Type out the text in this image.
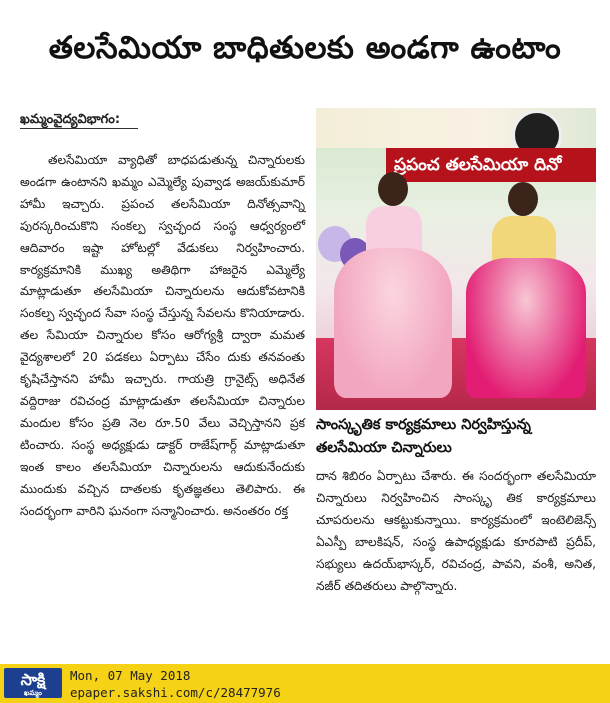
తలసేమియా బాధితులకు అండగా ఉంటాం
ఖమ్మంవైద్యవిభాగం:

తలసేమియా వ్యాధితో బాధపడుతున్న చిన్నారులకు అండగా ఉంటానని ఖమ్మం ఎమ్మెల్యే పువ్వాడ అజయ్‌కుమార్ హామీ ఇచ్చారు. ప్రపంచ తలసేమియా దినోత్సవాన్ని పురస్కరించుకొని సంకల్ప స్వచ్ఛంద సంస్థ ఆధ్వర్యంలో ఆదివారం ఇష్టా హోటల్లో వేడుకలు నిర్వహించారు. కార్యక్రమానికి ముఖ్య అతిథిగా హాజరైన ఎమ్మెల్యే మాట్లాడుతూ తలసేమియా చిన్నారులను ఆదుకోవటానికి సంకల్ప స్వచ్ఛంద సేవా సంస్థ చేస్తున్న సేవలను కొనియాడారు. తల సేమియా చిన్నారుల కోసం ఆరోగ్యశ్రీ ద్వారా మమత వైద్యశాలలో 20 పడకలు ఏర్పాటు చేసేం దుకు తనవంతు కృషిచేస్తానని హామీ ఇచ్చారు. గాయత్రి గ్రానైట్స్ అధినేత వద్దిరాజు రవిచంద్ర మాట్లాడుతూ తలసేమియా చిన్నారుల మందుల కోసం ప్రతి నెల రూ.50 వేలు వెచ్చిస్తానని ప్రక టించారు. సంస్థ అధ్యక్షుడు డాక్టర్ రాజేష్‌గార్గ్ మాట్లాడుతూ ఇంత కాలం తలసేమియా చిన్నారులను ఆదుకునేందుకు ముందుకు వచ్చిన దాతలకు కృతజ్ఞతలు తెలిపారు. ఈ సందర్భంగా వారిని ఘనంగా సన్మానించారు. అనంతరం రక్త

ప్రపంచ తలసేమియా దినో
సాంస్కృతిక కార్యక్రమాలు నిర్వహిస్తున్న తలసేమియా చిన్నారులు

దాన శిబిరం ఏర్పాటు చేశారు. ఈ సందర్భంగా తలసేమియా చిన్నారులు నిర్వహించిన సాంస్కృ తిక కార్యక్రమాలు చూపరులను ఆకట్టుకున్నాయి. కార్యక్రమంలో ఇంటెలిజెన్స్ ఏఎస్పీ బాలకిషన్, సంస్థ ఉపాధ్యక్షుడు కూరపాటి ప్రదీప్, సభ్యులు ఉదయ్‌భాస్కర్, రవిచంద్ర, పావని, వంశీ, అనిత, నజీర్ తదితరులు పాల్గొన్నారు.

సాక్షి
ఖమ్మం
Mon, 07 May 2018
epaper.sakshi.com/c/28477976
